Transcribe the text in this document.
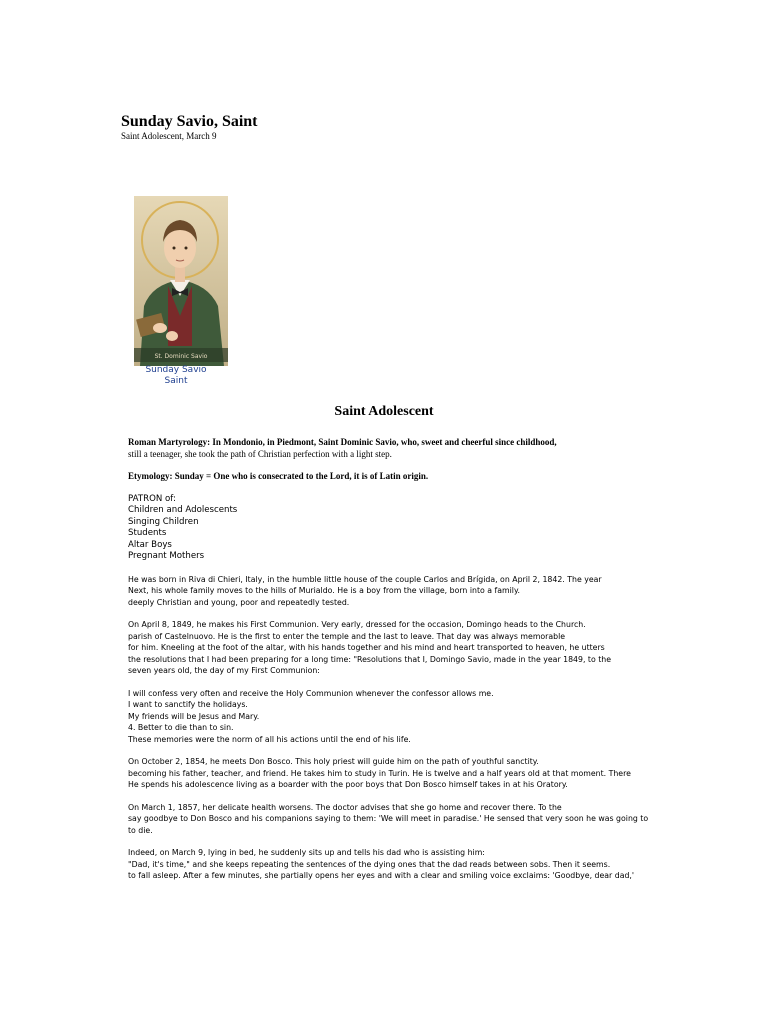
Sunday Savio, Saint
Saint Adolescent, March 9
St. Dominic Savio
Sunday Savio
Saint
Saint Adolescent
Roman Martyrology: In Mondonio, in Piedmont, Saint Dominic Savio, who, sweet and cheerful since childhood,
still a teenager, she took the path of Christian perfection with a light step.
Etymology: Sunday = One who is consecrated to the Lord, it is of Latin origin.
PATRON of:
Children and Adolescents
Singing Children
Students
Altar Boys
Pregnant Mothers
He was born in Riva di Chieri, Italy, in the humble little house of the couple Carlos and Brígida, on April 2, 1842. The year
Next, his whole family moves to the hills of Murialdo. He is a boy from the village, born into a family.
deeply Christian and young, poor and repeatedly tested.
On April 8, 1849, he makes his First Communion. Very early, dressed for the occasion, Domingo heads to the Church.
parish of Castelnuovo. He is the first to enter the temple and the last to leave. That day was always memorable
for him. Kneeling at the foot of the altar, with his hands together and his mind and heart transported to heaven, he utters
the resolutions that I had been preparing for a long time: "Resolutions that I, Domingo Savio, made in the year 1849, to the
seven years old, the day of my First Communion:
I will confess very often and receive the Holy Communion whenever the confessor allows me.
I want to sanctify the holidays.
My friends will be Jesus and Mary.
4. Better to die than to sin.
These memories were the norm of all his actions until the end of his life.
On October 2, 1854, he meets Don Bosco. This holy priest will guide him on the path of youthful sanctity.
becoming his father, teacher, and friend. He takes him to study in Turin. He is twelve and a half years old at that moment. There
He spends his adolescence living as a boarder with the poor boys that Don Bosco himself takes in at his Oratory.
On March 1, 1857, her delicate health worsens. The doctor advises that she go home and recover there. To the
say goodbye to Don Bosco and his companions saying to them: 'We will meet in paradise.' He sensed that very soon he was going to
to die.
Indeed, on March 9, lying in bed, he suddenly sits up and tells his dad who is assisting him:
"Dad, it's time," and she keeps repeating the sentences of the dying ones that the dad reads between sobs. Then it seems.
to fall asleep. After a few minutes, she partially opens her eyes and with a clear and smiling voice exclaims: 'Goodbye, dear dad,'
